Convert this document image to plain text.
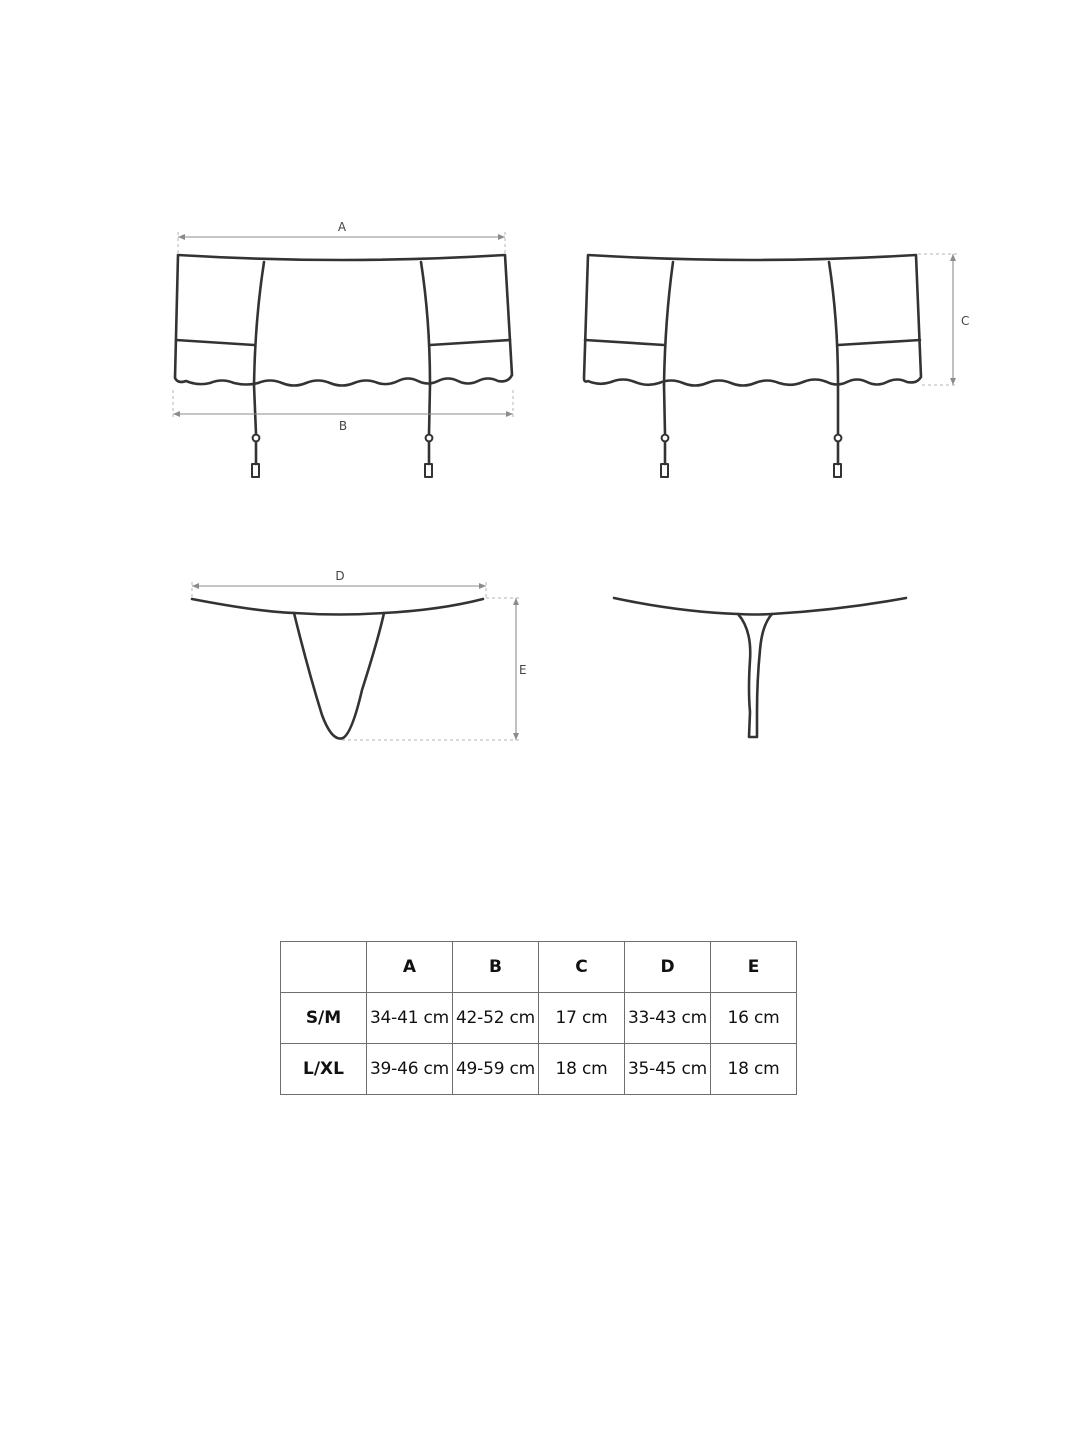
A
B
C
D
E
	A	B	C	D	E
S/M	34-41 cm	42-52 cm	17 cm	33-43 cm	16 cm
L/XL	39-46 cm	49-59 cm	18 cm	35-45 cm	18 cm
